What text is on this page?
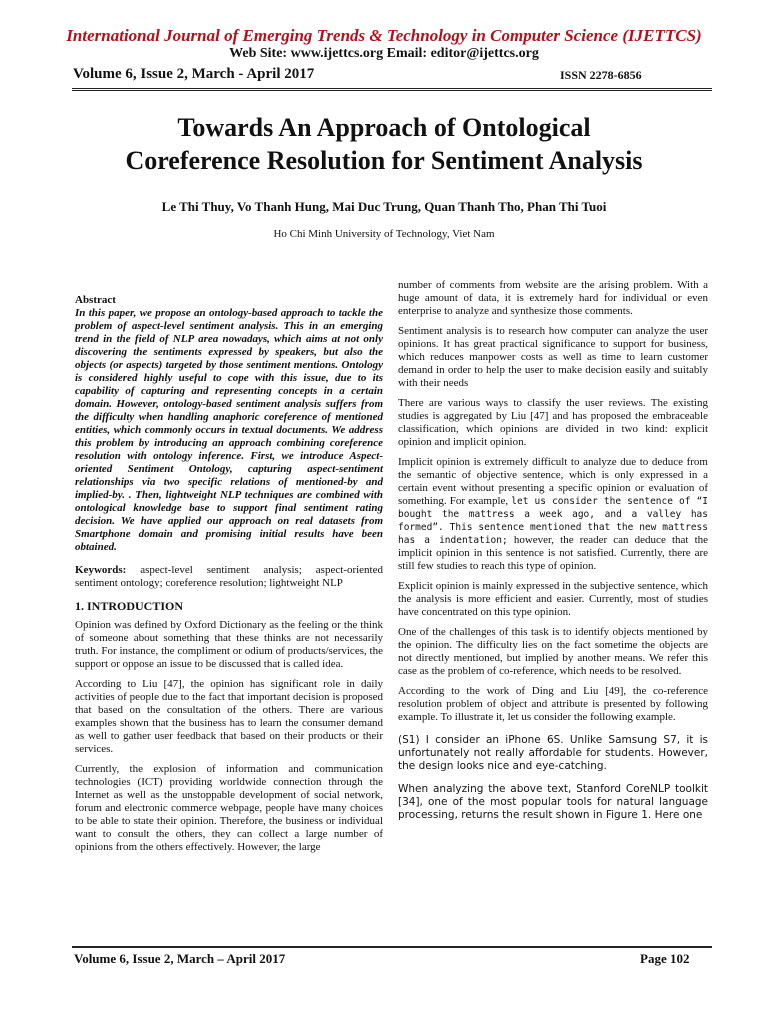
International Journal of Emerging Trends & Technology in Computer Science (IJETTCS)
Web Site: www.ijettcs.org Email: editor@ijettcs.org
Volume 6, Issue 2, March - April 2017	ISSN 2278-6856
Towards An Approach of Ontological
Coreference Resolution for Sentiment Analysis
Le Thi Thuy, Vo Thanh Hung, Mai Duc Trung, Quan Thanh Tho, Phan Thi Tuoi
Ho Chi Minh University of Technology, Viet Nam

Abstract

In this paper, we propose an ontology-based approach to tackle the problem of aspect-level sentiment analysis. This in an emerging trend in the field of NLP area nowadays, which aims at not only discovering the sentiments expressed by speakers, but also the objects (or aspects) targeted by those sentiment mentions. Ontology is considered highly useful to cope with this issue, due to its capability of capturing and representing concepts in a certain domain. However, ontology-based sentiment analysis suffers from the difficulty when handling anaphoric coreference of mentioned entities, which commonly occurs in textual documents. We address this problem by introducing an approach combining coreference resolution with ontology inference. First, we introduce Aspect-oriented Sentiment Ontology, capturing aspect-sentiment relationships via two specific relations of mentioned-by and implied-by. . Then, lightweight NLP techniques are combined with ontological knowledge base to support final sentiment rating decision. We have applied our approach on real datasets from Smartphone domain and promising initial results have been obtained.

Keywords: aspect-level sentiment analysis; aspect-oriented sentiment ontology; coreference resolution; lightweight NLP

1. INTRODUCTION

Opinion was defined by Oxford Dictionary as the feeling or the think of someone about something that these thinks are not necessarily truth. For instance, the compliment or odium of products/services, the support or oppose an issue to be discussed that is called idea.

According to Liu [47], the opinion has significant role in daily activities of people due to the fact that important decision is proposed that based on the consultation of the others. There are various examples shown that the business has to learn the consumer demand as well to gather user feedback that based on their products or their services.

Currently, the explosion of information and communication technologies (ICT) providing worldwide connection through the Internet as well as the unstoppable development of social network, forum and electronic commerce webpage, people have many choices to be able to state their opinion. Therefore, the business or individual want to consult the others, they can collect a large number of opinions from the others effectively. However, the large

number of comments from website are the arising problem. With a huge amount of data, it is extremely hard for individual or even enterprise to analyze and synthesize those comments.

Sentiment analysis is to research how computer can analyze the user opinions. It has great practical significance to support for business, which reduces manpower costs as well as time to learn customer demand in order to help the user to make decision easily and suitably with their needs

There are various ways to classify the user reviews. The existing studies is aggregated by Liu [47] and has proposed the embraceable classification, which opinions are divided in two kind: explicit opinion and implicit opinion.

Implicit opinion is extremely difficult to analyze due to deduce from the semantic of objective sentence, which is only expressed in a certain event without presenting a specific opinion or evaluation of something. For example, let us consider the sentence of “I bought the mattress a week ago, and a valley has formed”. This sentence mentioned that the new mattress has a indentation; however, the reader can deduce that the implicit opinion in this sentence is not satisfied. Currently, there are still few studies to reach this type of opinion.

Explicit opinion is mainly expressed in the subjective sentence, which the analysis is more efficient and easier. Currently, most of studies have concentrated on this type opinion.

One of the challenges of this task is to identify objects mentioned by the opinion. The difficulty lies on the fact sometime the objects are not directly mentioned, but implied by another means. We refer this case as the problem of co-reference, which needs to be resolved.

According to the work of Ding and Liu [49], the co-reference resolution problem of object and attribute is presented by following example. To illustrate it, let us consider the following example.

(S1) I consider an iPhone 6S. Unlike Samsung S7, it is unfortunately not really affordable for students. However, the design looks nice and eye-catching.

When analyzing the above text, Stanford CoreNLP toolkit [34], one of the most popular tools for natural language processing, returns the result shown in Figure 1. Here one

Volume 6, Issue 2, March – April 2017	Page 102
